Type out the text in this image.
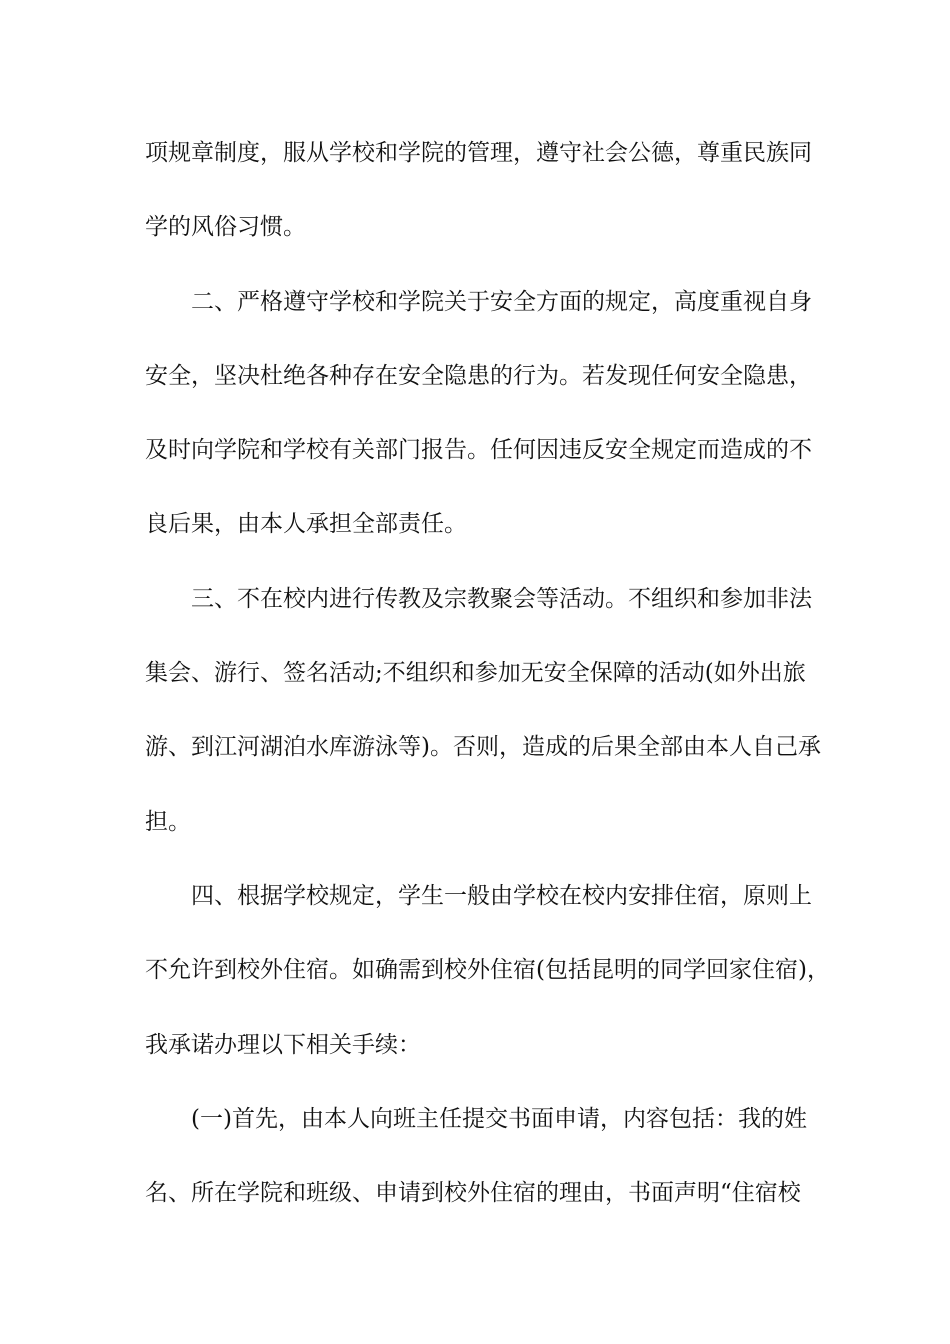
项规章制度，服从学校和学院的管理，遵守社会公德，尊重民族同
学的风俗习惯。
二、严格遵守学校和学院关于安全方面的规定，高度重视自身
安全，坚决杜绝各种存在安全隐患的行为。若发现任何安全隐患，
及时向学院和学校有关部门报告。任何因违反安全规定而造成的不
良后果，由本人承担全部责任。
三、不在校内进行传教及宗教聚会等活动。不组织和参加非法
集会、游行、签名活动;不组织和参加无安全保障的活动(如外出旅
游、到江河湖泊水库游泳等)。否则，造成的后果全部由本人自己承
担。
四、根据学校规定，学生一般由学校在校内安排住宿，原则上
不允许到校外住宿。如确需到校外住宿(包括昆明的同学回家住宿)，
我承诺办理以下相关手续：
(一)首先，由本人向班主任提交书面申请，内容包括：我的姓
名、所在学院和班级、申请到校外住宿的理由，书面声明“住宿校
